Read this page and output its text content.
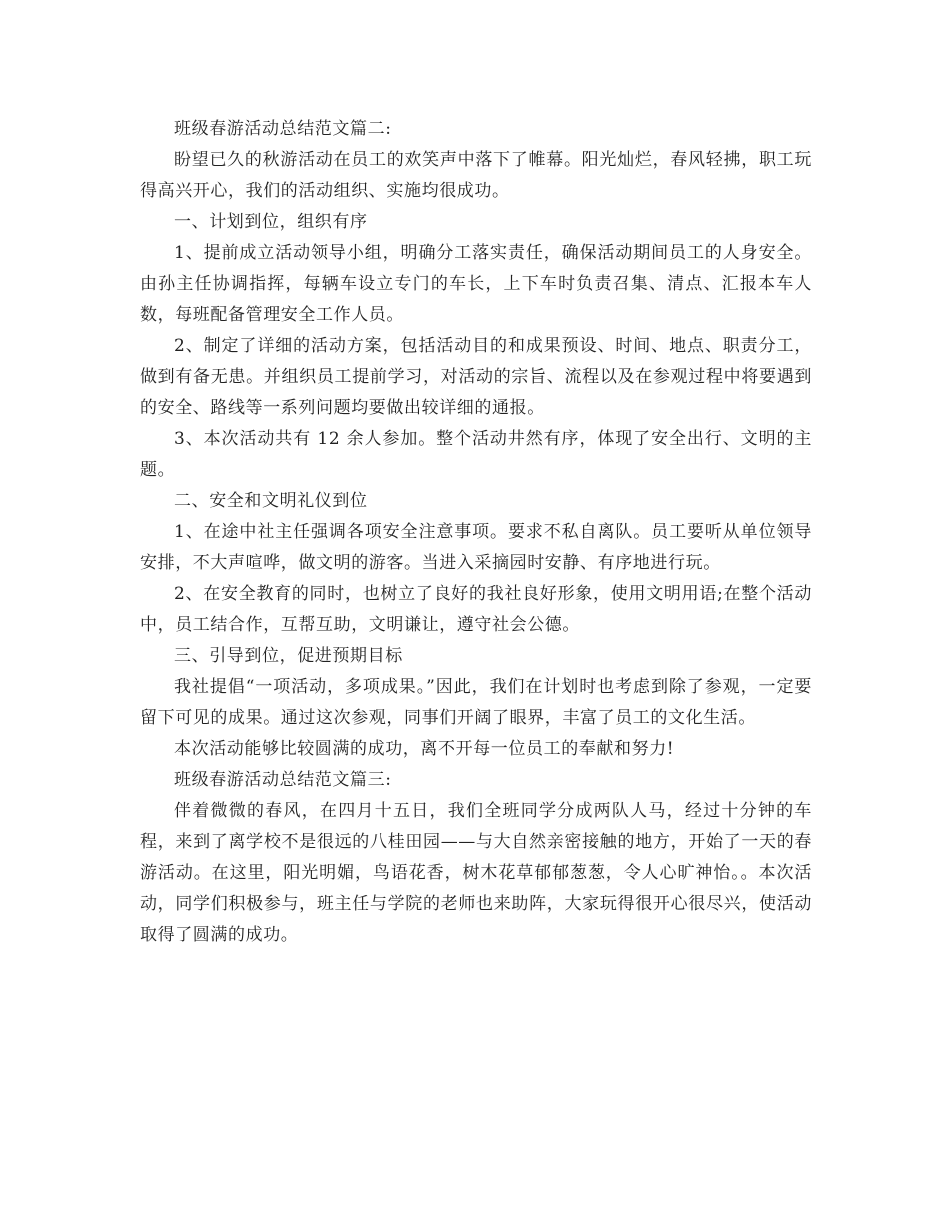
班级春游活动总结范文篇二:

盼望已久的秋游活动在员工的欢笑声中落下了帷幕。阳光灿烂，春风轻拂，职工玩得高兴开心，我们的活动组织、实施均很成功。

一、计划到位，组织有序

1、提前成立活动领导小组，明确分工落实责任，确保活动期间员工的人身安全。由孙主任协调指挥，每辆车设立专门的车长，上下车时负责召集、清点、汇报本车人数，每班配备管理安全工作人员。

2、制定了详细的活动方案，包括活动目的和成果预设、时间、地点、职责分工，做到有备无患。并组织员工提前学习，对活动的宗旨、流程以及在参观过程中将要遇到的安全、路线等一系列问题均要做出较详细的通报。

3、本次活动共有 12 余人参加。整个活动井然有序，体现了安全出行、文明的主题。

二、安全和文明礼仪到位

1、在途中社主任强调各项安全注意事项。要求不私自离队。员工要听从单位领导安排，不大声喧哗，做文明的游客。当进入采摘园时安静、有序地进行玩。

2、在安全教育的同时，也树立了良好的我社良好形象，使用文明用语;在整个活动中，员工结合作，互帮互助，文明谦让，遵守社会公德。

三、引导到位，促进预期目标

我社提倡“一项活动，多项成果。”因此，我们在计划时也考虑到除了参观，一定要留下可见的成果。通过这次参观，同事们开阔了眼界，丰富了员工的文化生活。

本次活动能够比较圆满的成功，离不开每一位员工的奉献和努力!

班级春游活动总结范文篇三:

伴着微微的春风，在四月十五日，我们全班同学分成两队人马，经过十分钟的车程，来到了离学校不是很远的八桂田园——与大自然亲密接触的地方，开始了一天的春游活动。在这里，阳光明媚，鸟语花香，树木花草郁郁葱葱，令人心旷神怡。。本次活动，同学们积极参与，班主任与学院的老师也来助阵，大家玩得很开心很尽兴，使活动取得了圆满的成功。
